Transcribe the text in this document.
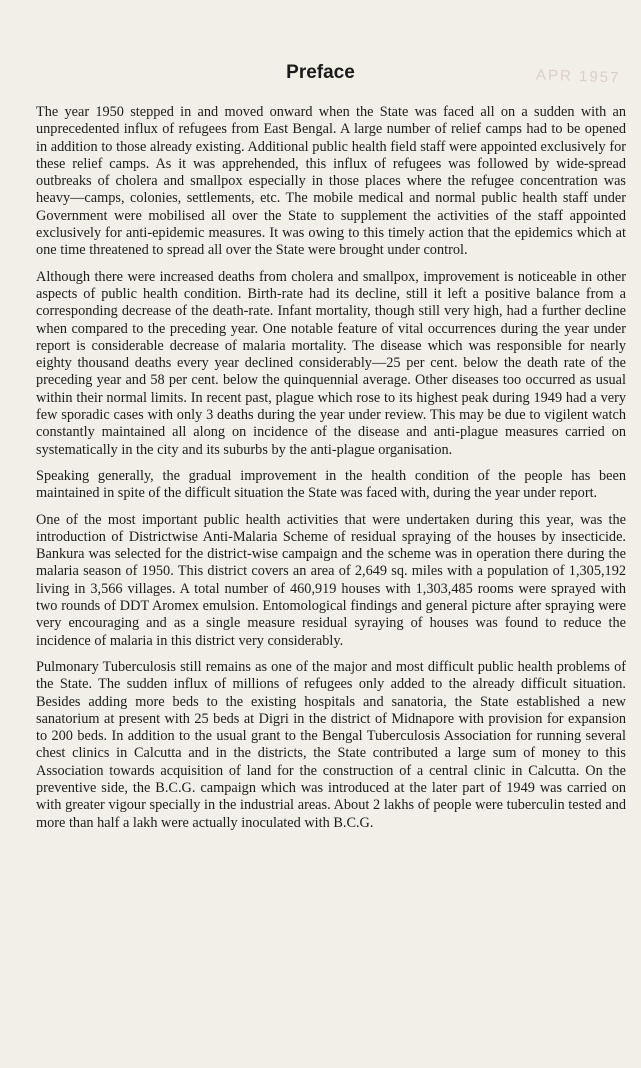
APR 1957
Preface

The year 1950 stepped in and moved onward when the State was faced all on a sudden with an unprecedented influx of refugees from East Bengal. A large number of relief camps had to be opened in addition to those already existing. Additional public health field staff were appointed exclusively for these relief camps. As it was apprehended, this influx of refugees was followed by wide-spread outbreaks of cholera and smallpox especially in those places where the refugee concentration was heavy—camps, colonies, settlements, etc. The mobile medical and normal public health staff under Government were mobilised all over the State to supplement the activities of the staff appointed exclusively for anti-epidemic measures. It was owing to this timely action that the epidemics which at one time threatened to spread all over the State were brought under control.

Although there were increased deaths from cholera and smallpox, improvement is noticeable in other aspects of public health condition. Birth-rate had its decline, still it left a positive balance from a corresponding decrease of the death-rate. Infant mortality, though still very high, had a further decline when compared to the preceding year. One notable feature of vital occurrences during the year under report is considerable decrease of malaria mortality. The disease which was responsible for nearly eighty thousand deaths every year declined considerably—25 per cent. below the death rate of the preceding year and 58 per cent. below the quinquennial average. Other diseases too occurred as usual within their normal limits. In recent past, plague which rose to its highest peak during 1949 had a very few sporadic cases with only 3 deaths during the year under review. This may be due to vigilent watch constantly maintained all along on incidence of the disease and anti-plague measures carried on systematically in the city and its suburbs by the anti-plague organisation.

Speaking generally, the gradual improvement in the health condition of the people has been maintained in spite of the difficult situation the State was faced with, during the year under report.

One of the most important public health activities that were undertaken during this year, was the introduction of Districtwise Anti-Malaria Scheme of residual spraying of the houses by insecticide. Bankura was selected for the district-wise campaign and the scheme was in operation there during the malaria season of 1950. This district covers an area of 2,649 sq. miles with a population of 1,305,192 living in 3,566 villages. A total number of 460,919 houses with 1,303,485 rooms were sprayed with two rounds of DDT Aromex emulsion. Entomological findings and general picture after spraying were very encouraging and as a single measure residual syraying of houses was found to reduce the incidence of malaria in this district very considerably.

Pulmonary Tuberculosis still remains as one of the major and most difficult public health problems of the State. The sudden influx of millions of refugees only added to the already difficult situation. Besides adding more beds to the existing hospitals and sanatoria, the State established a new sanatorium at present with 25 beds at Digri in the district of Midnapore with provision for expansion to 200 beds. In addition to the usual grant to the Bengal Tuberculosis Association for running several chest clinics in Calcutta and in the districts, the State contributed a large sum of money to this Association towards acquisition of land for the construction of a central clinic in Calcutta. On the preventive side, the B.C.G. campaign which was introduced at the later part of 1949 was carried on with greater vigour specially in the industrial areas. About 2 lakhs of people were tuberculin tested and more than half a lakh were actually inoculated with B.C.G.
